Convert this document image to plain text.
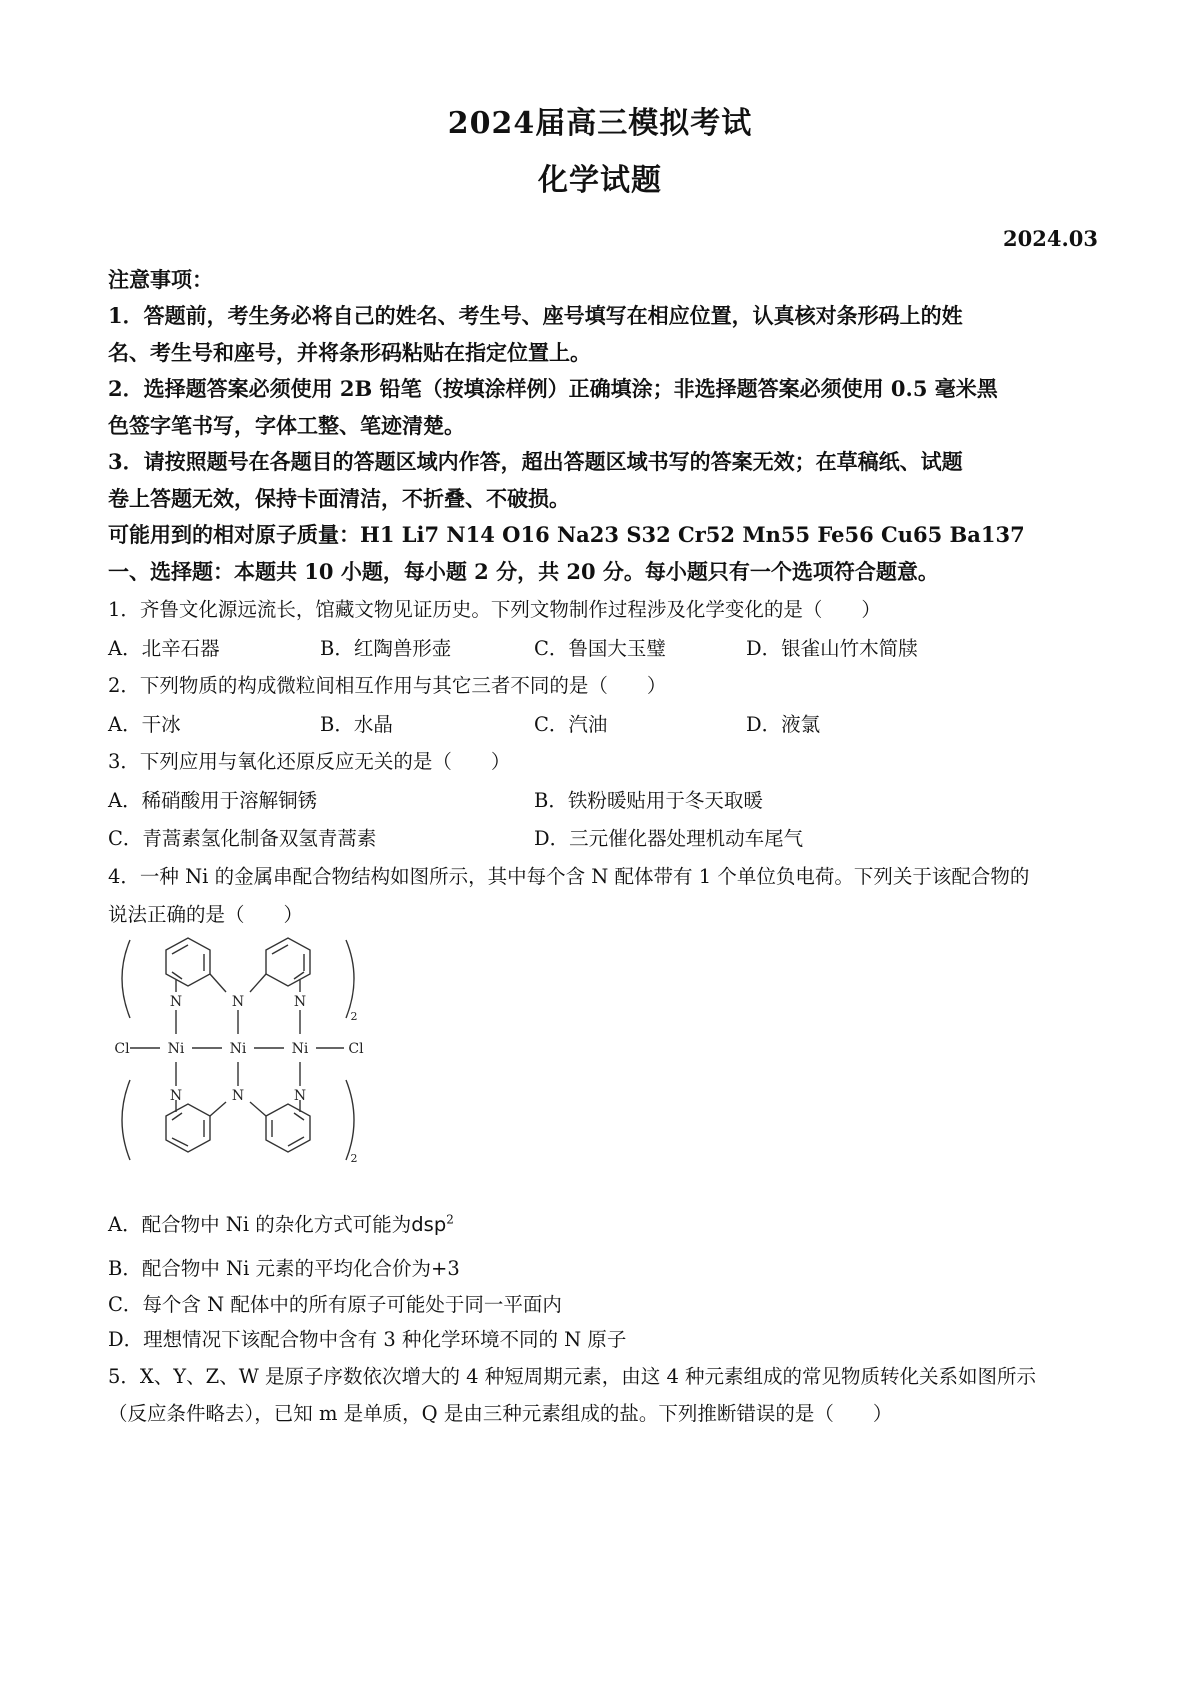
2024届高三模拟考试
化学试题
2024.03
注意事项：
1．答题前，考生务必将自己的姓名、考生号、座号填写在相应位置，认真核对条形码上的姓
名、考生号和座号，并将条形码粘贴在指定位置上。
2．选择题答案必须使用 2B 铅笔（按填涂样例）正确填涂；非选择题答案必须使用 0.5 毫米黑
色签字笔书写，字体工整、笔迹清楚。
3．请按照题号在各题目的答题区域内作答，超出答题区域书写的答案无效；在草稿纸、试题
卷上答题无效，保持卡面清洁，不折叠、不破损。
可能用到的相对原子质量：H1 Li7 N14 O16 Na23 S32 Cr52 Mn55 Fe56 Cu65 Ba137
一、选择题：本题共 10 小题，每小题 2 分，共 20 分。每小题只有一个选项符合题意。
1．齐鲁文化源远流长，馆藏文物见证历史。下列文物制作过程涉及化学变化的是（　　）
A．北辛石器	B．红陶兽形壶	C．鲁国大玉璧	D．银雀山竹木简牍
2．下列物质的构成微粒间相互作用与其它三者不同的是（　　）
A．干冰	B．水晶	C．汽油	D．液氯
3．下列应用与氧化还原反应无关的是（　　）
A．稀硝酸用于溶解铜锈	B．铁粉暖贴用于冬天取暖
C．青蒿素氢化制备双氢青蒿素	D．三元催化器处理机动车尾气
4．一种 Ni 的金属串配合物结构如图所示，其中每个含 N 配体带有 1 个单位负电荷。下列关于该配合物的
说法正确的是（　　）
N	N	N
Cl	Ni	Ni	Ni	Cl
N	N	N
2
2
A．配合物中 Ni 的杂化方式可能为dsp$^2$
B．配合物中 Ni 元素的平均化合价为+3
C．每个含 N 配体中的所有原子可能处于同一平面内
D．理想情况下该配合物中含有 3 种化学环境不同的 N 原子
5．X、Y、Z、W 是原子序数依次增大的 4 种短周期元素，由这 4 种元素组成的常见物质转化关系如图所示
（反应条件略去），已知 m 是单质，Q 是由三种元素组成的盐。下列推断错误的是（　　）
